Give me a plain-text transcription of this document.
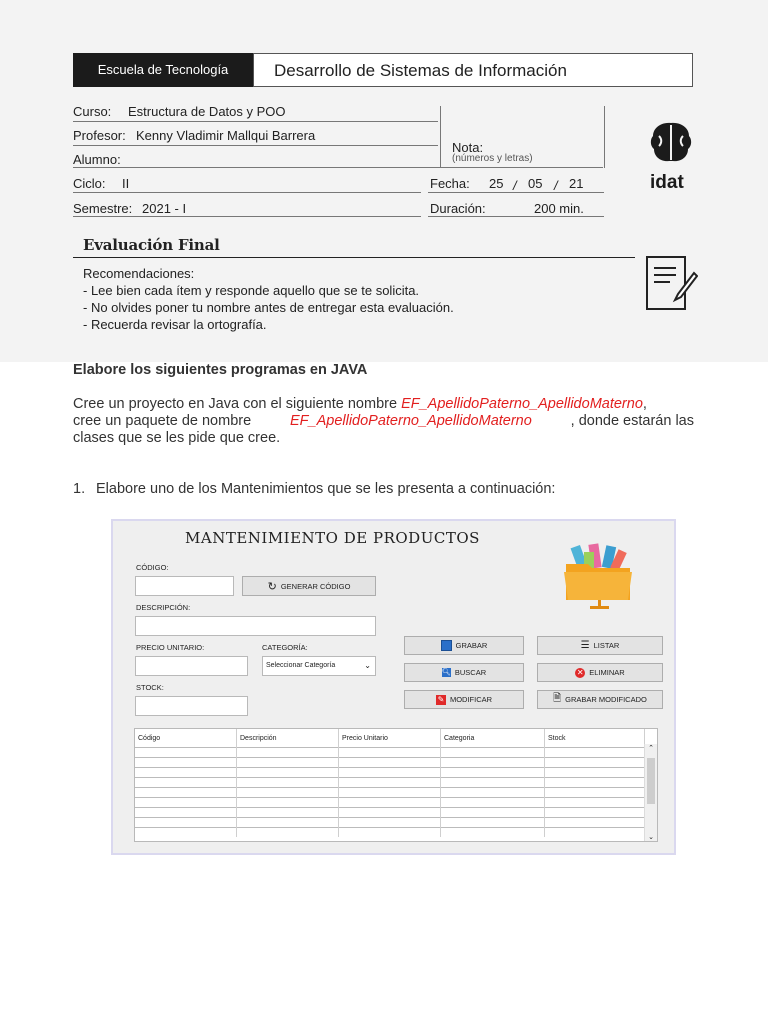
Escuela de Tecnología	Desarrollo de Sistemas de Información
Curso: Estructura de Datos y POO
Profesor: Kenny Vladimir Mallqui Barrera
Alumno:
Nota:
(números y letras)
Ciclo: II	Fecha: 25 / 05 / 21
Semestre: 2021 - I	Duración:	200 min.
idat
Evaluación Final
Recomendaciones:
- Lee bien cada ítem y responde aquello que se te solicita.
- No olvides poner tu nombre antes de entregar esta evaluación.
- Recuerda revisar la ortografía.
Elabore los siguientes programas en JAVA
Cree un proyecto en Java con el siguiente nombre EF_ApellidoPaterno_ApellidoMaterno,
cree un paquete de nombre	EF_ApellidoPaterno_ApellidoMaterno	, donde estarán las
clases que se les pide que cree.
1. Elabore uno de los Mantenimientos que se les presenta a continuación:
MANTENIMIENTO DE PRODUCTOS
CÓDIGO:
↻ GENERAR CÓDIGO
DESCRIPCIÓN:
PRECIO UNITARIO:	CATEGORÍA:
Seleccionar Categoría	⌄
STOCK:
GRABAR	☰ LISTAR
🔍︎ BUSCAR	✕ ELIMINAR
✎ MODIFICAR	🗎︎ GRABAR MODIFICADO
Código	Descripción	Precio Unitario	Categoria	Stock

⌃
⌄
